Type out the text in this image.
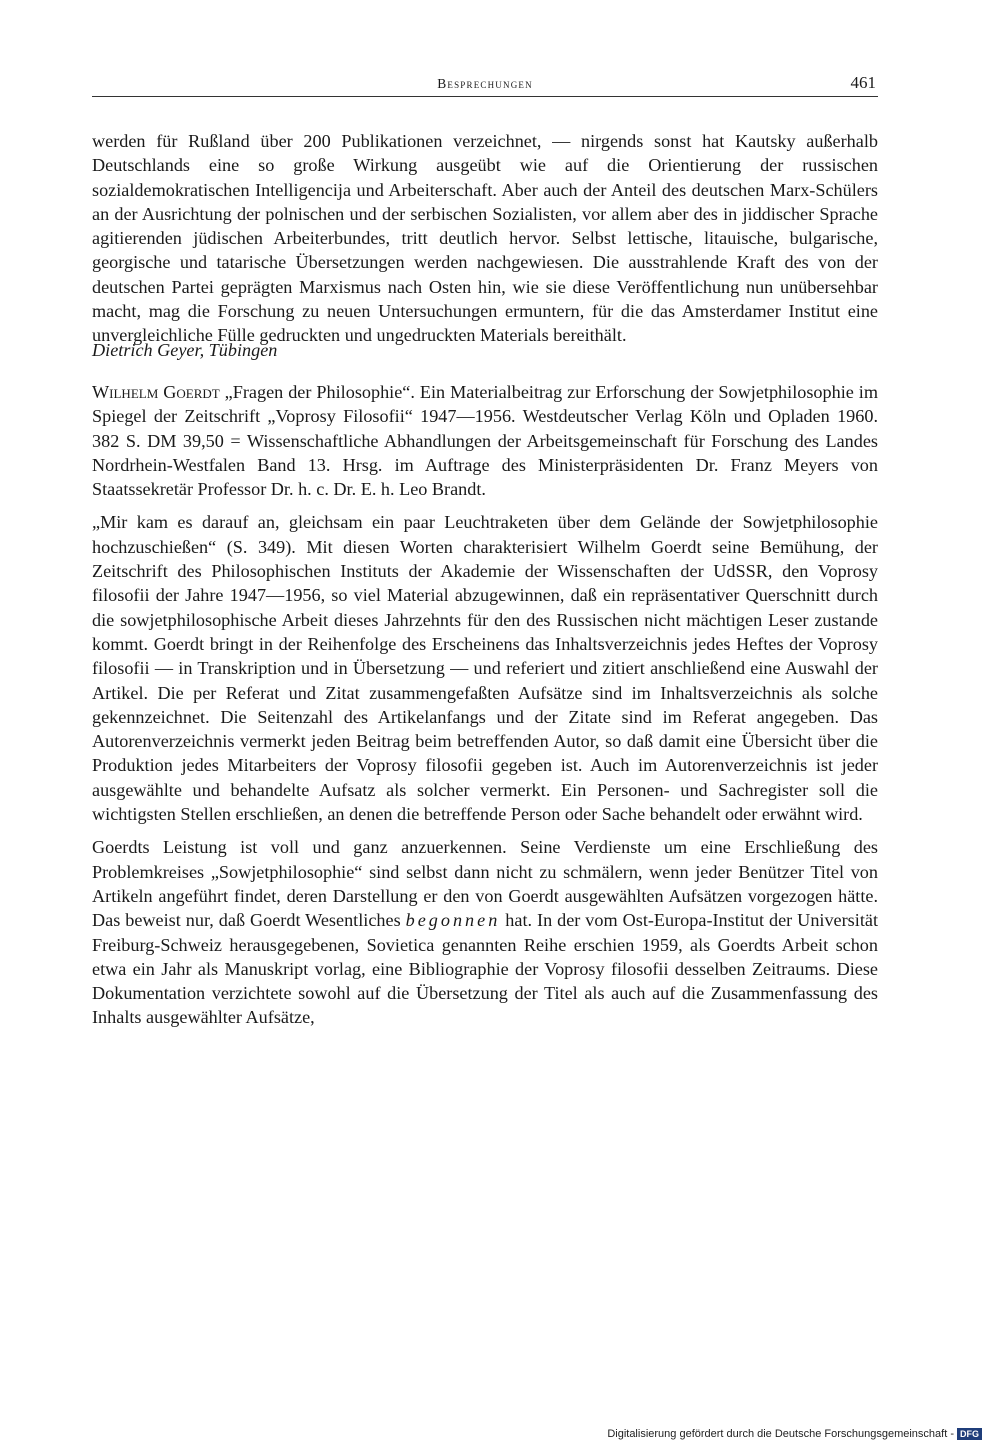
Besprechungen	461

werden für Rußland über 200 Publikationen verzeichnet, — nirgends sonst hat Kautsky außerhalb Deutschlands eine so große Wirkung ausgeübt wie auf die Orientierung der russischen sozialdemokratischen Intelligencija und Arbeiterschaft. Aber auch der Anteil des deutschen Marx-Schülers an der Ausrichtung der polnischen und der serbischen Sozialisten, vor allem aber des in jiddischer Sprache agitierenden jüdischen Arbeiterbundes, tritt deutlich hervor. Selbst lettische, litauische, bulgarische, georgische und tatarische Übersetzungen werden nachgewiesen. Die ausstrahlende Kraft des von der deutschen Partei geprägten Marxismus nach Osten hin, wie sie diese Veröffentlichung nun unübersehbar macht, mag die Forschung zu neuen Untersuchungen ermuntern, für die das Amsterdamer Institut eine unvergleichliche Fülle gedruckten und ungedruckten Materials bereithält.

Dietrich Geyer, Tübingen

Wilhelm Goerdt „Fragen der Philosophie“. Ein Materialbeitrag zur Erforschung der Sowjetphilosophie im Spiegel der Zeitschrift „Voprosy Filosofii“ 1947—1956. Westdeutscher Verlag Köln und Opladen 1960. 382 S. DM 39,50 = Wissenschaftliche Abhandlungen der Arbeitsgemeinschaft für Forschung des Landes Nordrhein-Westfalen Band 13. Hrsg. im Auftrage des Ministerpräsidenten Dr. Franz Meyers von Staatssekretär Professor Dr. h. c. Dr. E. h. Leo Brandt.

„Mir kam es darauf an, gleichsam ein paar Leuchtraketen über dem Gelände der Sowjetphilosophie hochzuschießen“ (S. 349). Mit diesen Worten charakterisiert Wilhelm Goerdt seine Bemühung, der Zeitschrift des Philosophischen Instituts der Akademie der Wissenschaften der UdSSR, den Voprosy filosofii der Jahre 1947—1956, so viel Material abzugewinnen, daß ein repräsentativer Querschnitt durch die sowjetphilosophische Arbeit dieses Jahrzehnts für den des Russischen nicht mächtigen Leser zustande kommt. Goerdt bringt in der Reihenfolge des Erscheinens das Inhaltsverzeichnis jedes Heftes der Voprosy filosofii — in Transkription und in Übersetzung — und referiert und zitiert anschließend eine Auswahl der Artikel. Die per Referat und Zitat zusammengefaßten Aufsätze sind im Inhaltsverzeichnis als solche gekennzeichnet. Die Seitenzahl des Artikelanfangs und der Zitate sind im Referat angegeben. Das Autorenverzeichnis vermerkt jeden Beitrag beim betreffenden Autor, so daß damit eine Übersicht über die Produktion jedes Mitarbeiters der Voprosy filosofii gegeben ist. Auch im Autorenverzeichnis ist jeder ausgewählte und behandelte Aufsatz als solcher vermerkt. Ein Personen- und Sachregister soll die wichtigsten Stellen erschließen, an denen die betreffende Person oder Sache behandelt oder erwähnt wird.

Goerdts Leistung ist voll und ganz anzuerkennen. Seine Verdienste um eine Erschließung des Problemkreises „Sowjetphilosophie“ sind selbst dann nicht zu schmälern, wenn jeder Benützer Titel von Artikeln angeführt findet, deren Darstellung er den von Goerdt ausgewählten Aufsätzen vorgezogen hätte. Das beweist nur, daß Goerdt Wesentliches begonnen hat. In der vom Ost-Europa-Institut der Universität Freiburg-Schweiz herausgegebenen, Sovietica genannten Reihe erschien 1959, als Goerdts Arbeit schon etwa ein Jahr als Manuskript vorlag, eine Bibliographie der Voprosy filosofii desselben Zeitraums. Diese Dokumentation verzichtete sowohl auf die Übersetzung der Titel als auch auf die Zusammenfassung des Inhalts ausgewählter Aufsätze,

Digitalisierung gefördert durch die Deutsche Forschungsgemeinschaft - DFG
